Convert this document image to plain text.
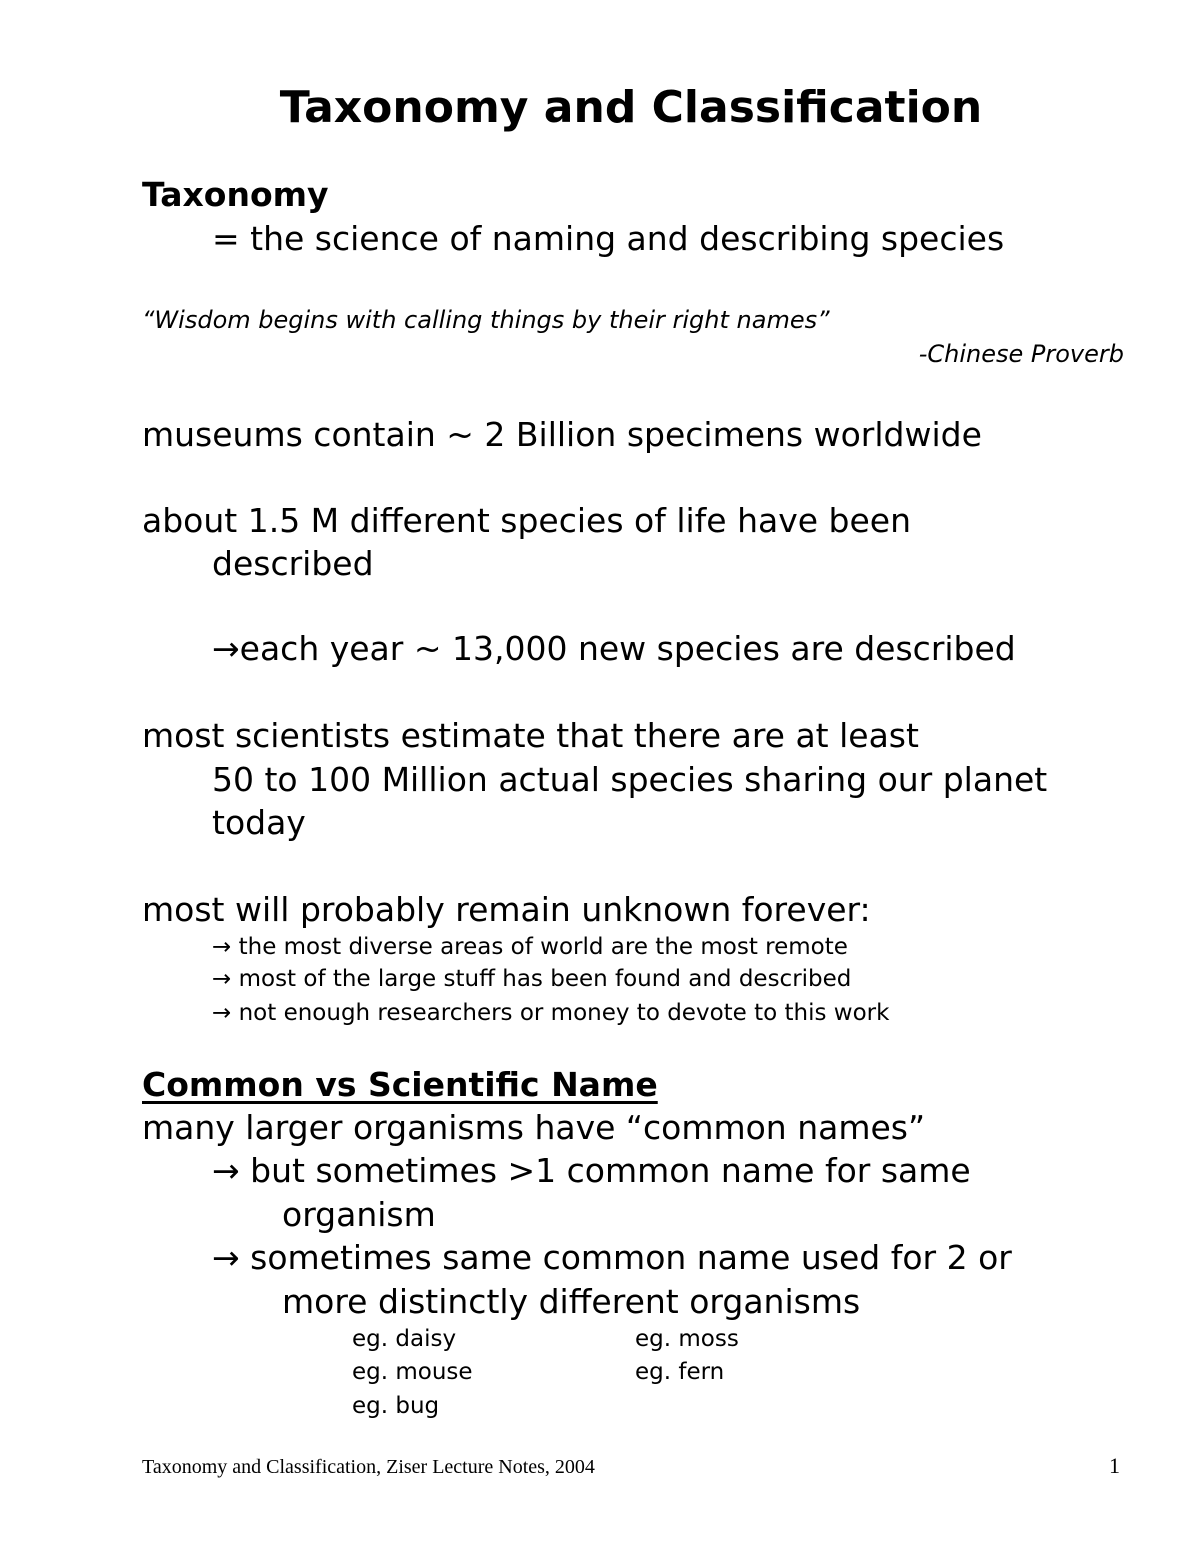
Taxonomy and Classification
Taxonomy
= the science of naming and describing species
“Wisdom begins with calling things by their right names”
-Chinese Proverb
museums contain ~ 2 Billion specimens worldwide
about 1.5 M different species of life have been
described
→each year ~ 13,000 new species are described
most scientists estimate that there are at least
50 to 100 Million actual species sharing our planet
today
most will probably remain unknown forever:
→ the most diverse areas of world are the most remote
→ most of the large stuff has been found and described
→ not enough researchers or money to devote to this work
Common vs Scientific Name
many larger organisms have “common names”
→ but sometimes >1 common name for same
organism
→ sometimes same common name used for 2 or
more distinctly different organisms
eg. daisy	eg. moss
eg. mouse	eg. fern
eg. bug
Taxonomy and Classification, Ziser Lecture Notes, 2004	1
